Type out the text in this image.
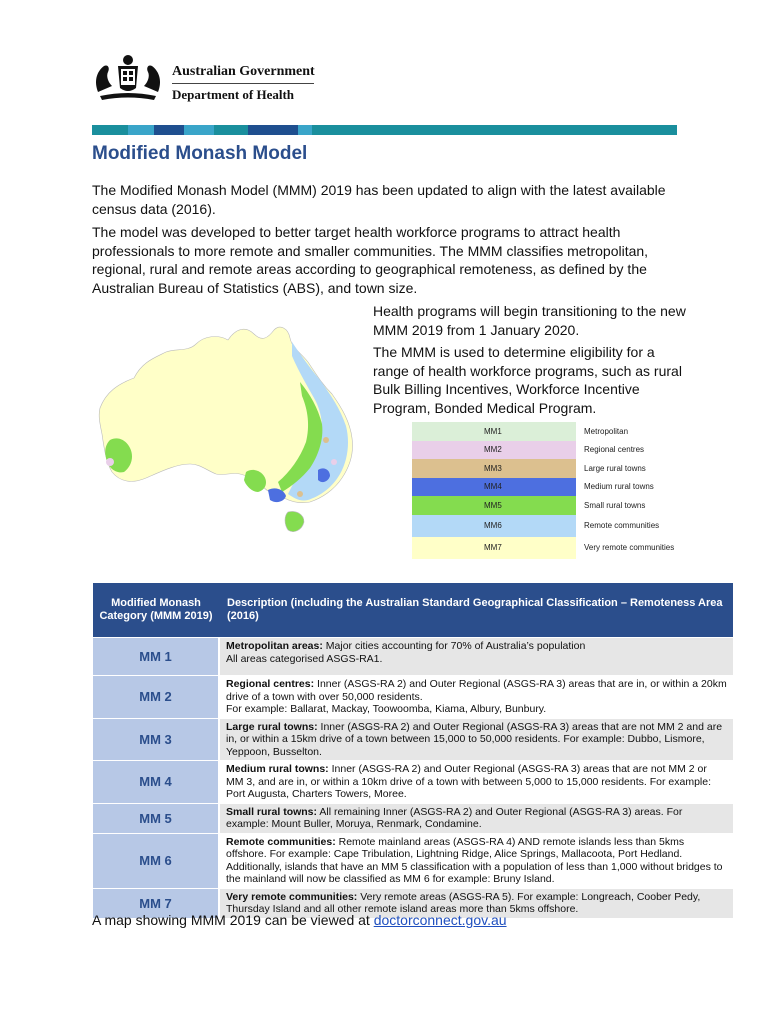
Australian Government
Department of Health
Modified Monash Model
The Modified Monash Model (MMM) 2019 has been updated to align with the latest available census data (2016).
The model was developed to better target health workforce programs to attract health professionals to more remote and smaller communities. The MMM classifies metropolitan, regional, rural and remote areas according to geographical remoteness, as defined by the Australian Bureau of Statistics (ABS), and town size.
Health programs will begin transitioning to the new MMM 2019 from 1 January 2020.
The MMM is used to determine eligibility for a range of health workforce programs, such as rural Bulk Billing Incentives, Workforce Incentive Program, Bonded Medical Program.
MM1	Metropolitan
MM2	Regional centres
MM3	Large rural towns
MM4	Medium rural towns
MM5	Small rural towns
MM6	Remote communities
MM7	Very remote communities
Modified Monash Category (MMM 2019)	Description (including the Australian Standard Geographical Classification – Remoteness Area (2016)
MM 1	Metropolitan areas: Major cities accounting for 70% of Australia’s population
All areas categorised ASGS-RA1.
MM 2	Regional centres: Inner (ASGS-RA 2) and Outer Regional (ASGS-RA 3) areas that are in, or within a 20km drive of a town with over 50,000 residents.
For example: Ballarat, Mackay, Toowoomba, Kiama, Albury, Bunbury.
MM 3	Large rural towns: Inner (ASGS-RA 2) and Outer Regional (ASGS-RA 3) areas that are not MM 2 and are in, or within a 15km drive of a town between 15,000 to 50,000 residents. For example: Dubbo, Lismore, Yeppoon, Busselton.
MM 4	Medium rural towns: Inner (ASGS-RA 2) and Outer Regional (ASGS-RA 3) areas that are not MM 2 or MM 3, and are in, or within a 10km drive of a town with between 5,000 to 15,000 residents. For example: Port Augusta, Charters Towers, Moree.
MM 5	Small rural towns: All remaining Inner (ASGS-RA 2) and Outer Regional (ASGS-RA 3) areas. For example: Mount Buller, Moruya, Renmark, Condamine.
MM 6	Remote communities: Remote mainland areas (ASGS-RA 4) AND remote islands less than 5kms offshore. For example: Cape Tribulation, Lightning Ridge, Alice Springs, Mallacoota, Port Hedland. Additionally, islands that have an MM 5 classification with a population of less than 1,000 without bridges to the mainland will now be classified as MM 6 for example: Bruny Island.
MM 7	Very remote communities: Very remote areas (ASGS-RA 5). For example: Longreach, Coober Pedy, Thursday Island and all other remote island areas more than 5kms offshore.
A map showing MMM 2019 can be viewed at doctorconnect.gov.au
